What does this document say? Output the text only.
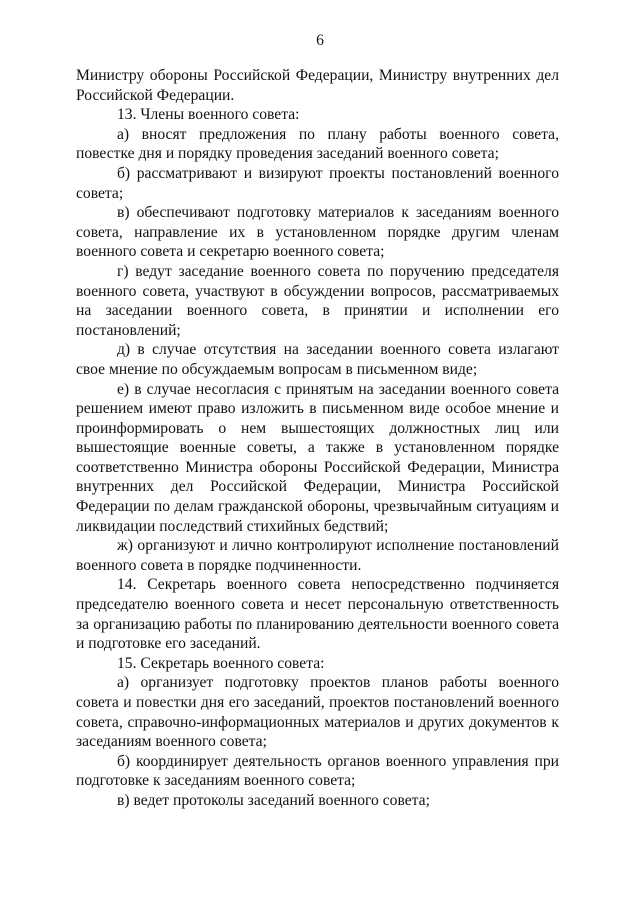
6

Министру обороны Российской Федерации, Министру внутренних дел Российской Федерации.

13. Члены военного совета:

а) вносят предложения по плану работы военного совета, повестке дня и порядку проведения заседаний военного совета;

б) рассматривают и визируют проекты постановлений военного совета;

в) обеспечивают подготовку материалов к заседаниям военного совета, направление их в установленном порядке другим членам военного совета и секретарю военного совета;

г) ведут заседание военного совета по поручению председателя военного совета, участвуют в обсуждении вопросов, рассматриваемых на заседании военного совета, в принятии и исполнении его постановлений;

д) в случае отсутствия на заседании военного совета излагают свое мнение по обсуждаемым вопросам в письменном виде;

е) в случае несогласия с принятым на заседании военного совета решением имеют право изложить в письменном виде особое мнение и проинформировать о нем вышестоящих должностных лиц или вышестоящие военные советы, а также в установленном порядке соответственно Министра обороны Российской Федерации, Министра внутренних дел Российской Федерации, Министра Российской Федерации по делам гражданской обороны, чрезвычайным ситуациям и ликвидации последствий стихийных бедствий;

ж) организуют и лично контролируют исполнение постановлений военного совета в порядке подчиненности.

14. Секретарь военного совета непосредственно подчиняется председателю военного совета и несет персональную ответственность за организацию работы по планированию деятельности военного совета и подготовке его заседаний.

15. Секретарь военного совета:

а) организует подготовку проектов планов работы военного совета и повестки дня его заседаний, проектов постановлений военного совета, справочно-информационных материалов и других документов к заседаниям военного совета;

б) координирует деятельность органов военного управления при подготовке к заседаниям военного совета;

в) ведет протоколы заседаний военного совета;
